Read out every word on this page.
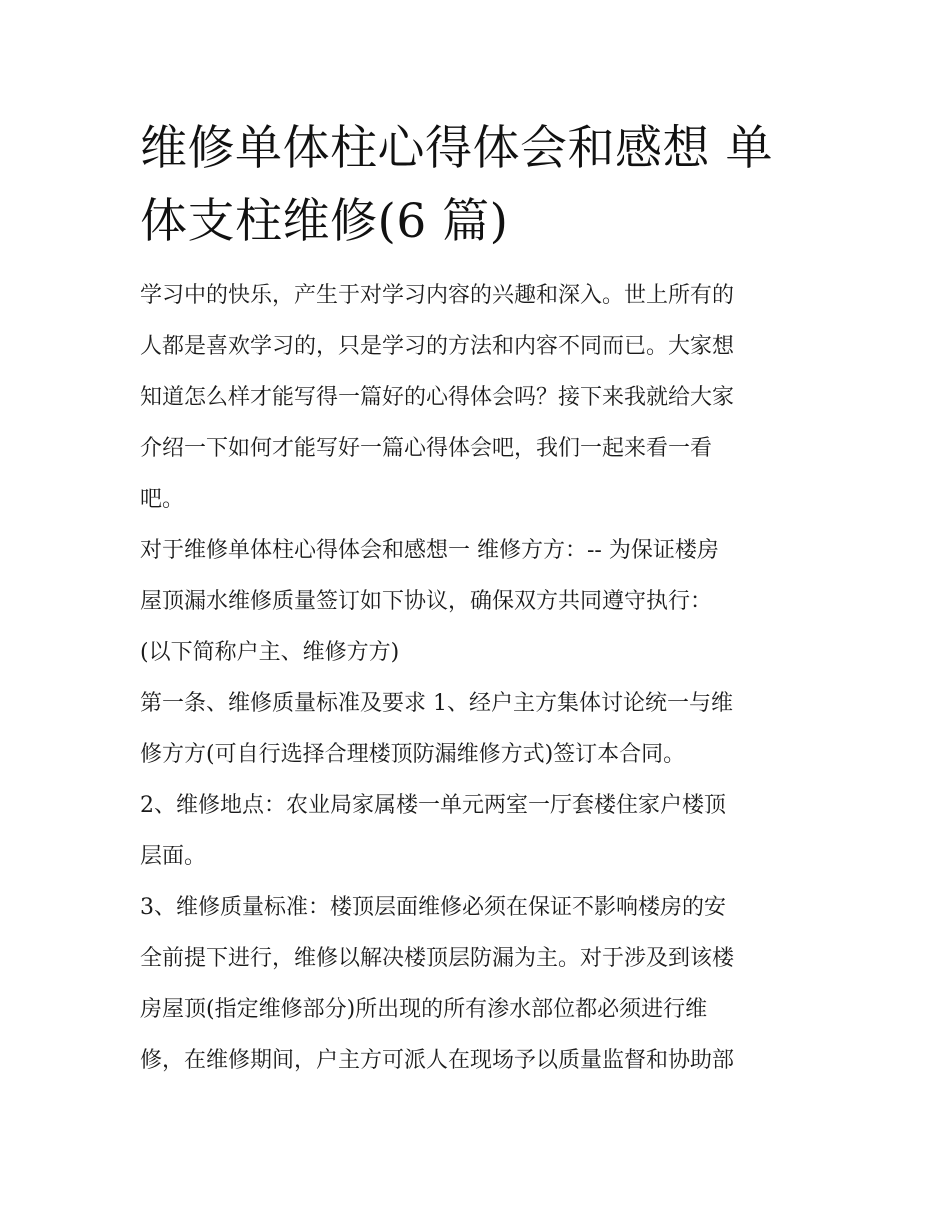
维修单体柱心得体会和感想 单
体支柱维修(6 篇)
学习中的快乐，产生于对学习内容的兴趣和深入。世上所有的
人都是喜欢学习的，只是学习的方法和内容不同而已。大家想
知道怎么样才能写得一篇好的心得体会吗？接下来我就给大家
介绍一下如何才能写好一篇心得体会吧，我们一起来看一看
吧。
对于维修单体柱心得体会和感想一 维修方方：-- 为保证楼房
屋顶漏水维修质量签订如下协议，确保双方共同遵守执行：
(以下简称户主、维修方方)
第一条、维修质量标准及要求 1、经户主方集体讨论统一与维
修方方(可自行选择合理楼顶防漏维修方式)签订本合同。
2、维修地点：农业局家属楼一单元两室一厅套楼住家户楼顶
层面。
3、维修质量标准：楼顶层面维修必须在保证不影响楼房的安
全前提下进行，维修以解决楼顶层防漏为主。对于涉及到该楼
房屋顶(指定维修部分)所出现的所有渗水部位都必须进行维
修，在维修期间，户主方可派人在现场予以质量监督和协助部
